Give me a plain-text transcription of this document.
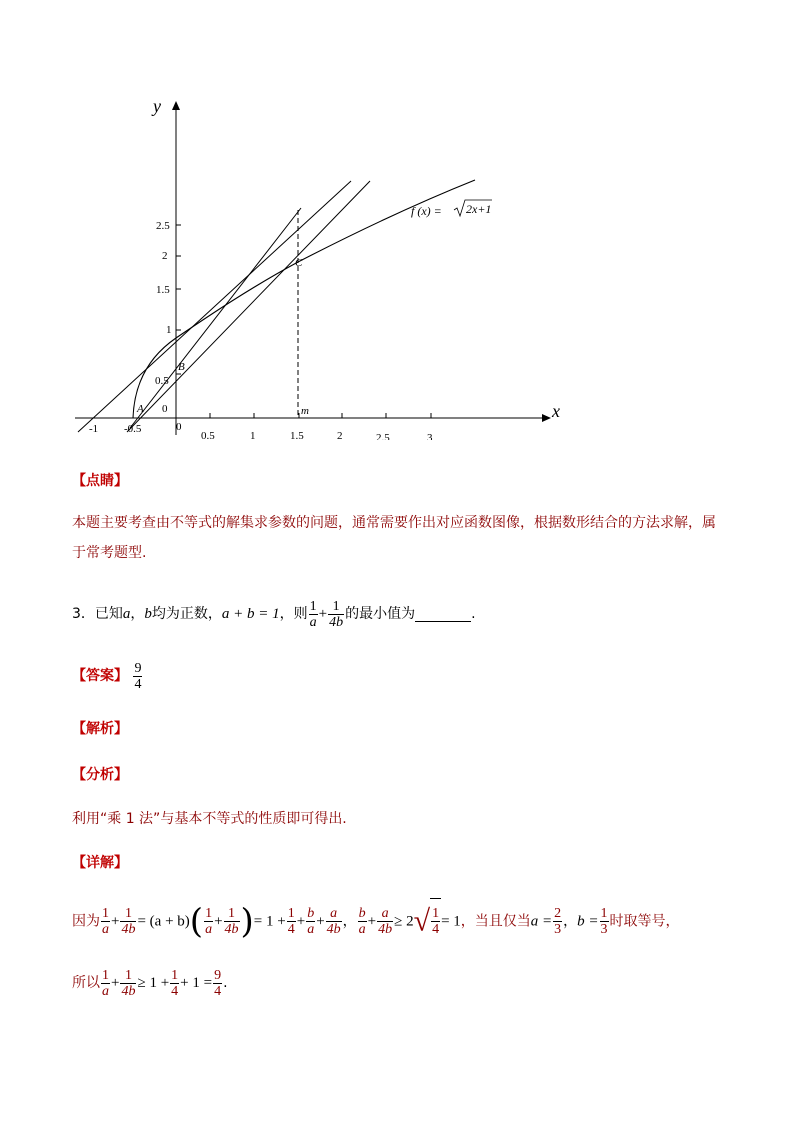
x
y
-1 -0.5	0
0.5	1	1.5	2	2.5	3
0
0.5
1
1.5
2
2.5
A
B
C
m
f (x) = 2x+1
【点睛】
本题主要考查由不等式的解集求参数的问题，通常需要作出对应函数图像，根据数形结合的方法求解，属
于常考题型.
3．已知a，b均为正数，a + b = 1，则 $\frac{1}{a} + \frac{1}{4b}$ 的最小值为	.
【答案】 $\frac{9}{4}$
【解析】
【分析】
利用“乘 1 法”与基本不等式的性质即可得出.
【详解】
因为 $\frac{1}{a} + \frac{1}{4b} = (a + b)( \frac{1}{a} + \frac{1}{4b}$ )= $1 + \frac{1}{4} + \frac{b}{a} + \frac{a}{4b}$ ， $\frac{b}{a} + \frac{a}{4b} \ge 2√ \frac{1}{4} = 1$，当且仅当$a = \frac{2}{3}$ ，$b = \frac{1}{3}$ 时取等号，
所以 $\frac{1}{a} + \frac{1}{4b} \ge 1 + \frac{1}{4} + 1 = \frac{9}{4}$ .
